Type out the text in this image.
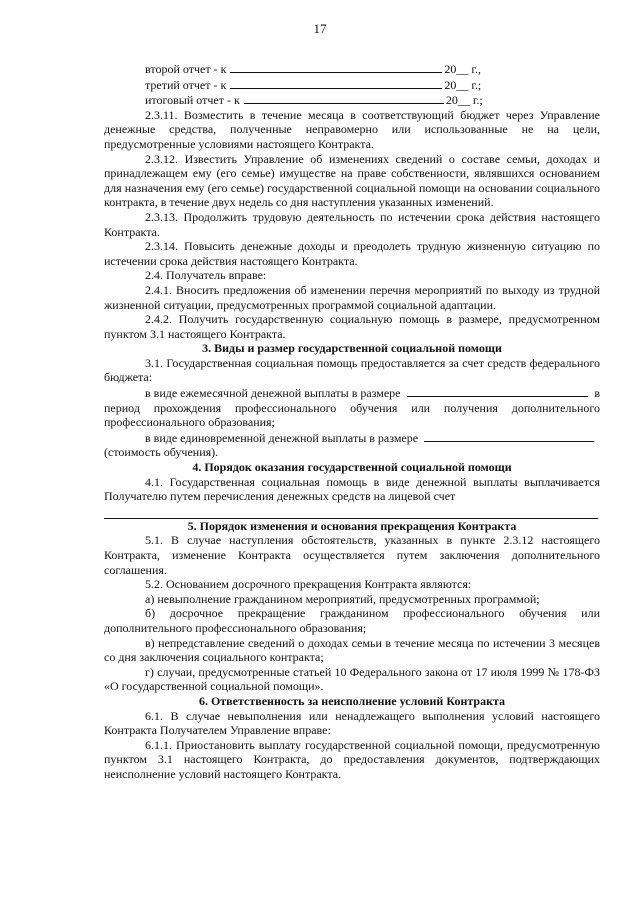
17
второй отчет - к	20__ г.,
третий отчет - к	20__ г.;
итоговый отчет - к	20__ г.;

2.3.11. Возместить в течение месяца в соответствующий бюджет через Управление денежные средства, полученные неправомерно или использованные не на цели, предусмотренные условиями настоящего Контракта.

2.3.12. Известить Управление об изменениях сведений о составе семьи, доходах и принадлежащем ему (его семье) имуществе на праве собственности, являвшихся основанием для назначения ему (его семье) государственной социальной помощи на основании социального контракта, в течение двух недель со дня наступления указанных изменений.

2.3.13. Продолжить трудовую деятельность по истечении срока действия настоящего Контракта.

2.3.14. Повысить денежные доходы и преодолеть трудную жизненную ситуацию по истечении срока действия настоящего Контракта.

2.4. Получатель вправе:

2.4.1. Вносить предложения об изменении перечня мероприятий по выходу из трудной жизненной ситуации, предусмотренных программой социальной адаптации.

2.4.2. Получить государственную социальную помощь в размере, предусмотренном пунктом 3.1 настоящего Контракта.

3. Виды и размер государственной социальной помощи

3.1. Государственная социальная помощь предоставляется за счет средств федерального бюджета:

в виде ежемесячной денежной выплаты в размере	в

период прохождения профессионального обучения или получения дополнительного профессионального образования;

в виде единовременной денежной выплаты в размере

(стоимость обучения).

4. Порядок оказания государственной социальной помощи

4.1. Государственная социальная помощь в виде денежной выплаты выплачивается Получателю путем перечисления денежных средств на лицевой счет

5. Порядок изменения и основания прекращения Контракта

5.1. В случае наступления обстоятельств, указанных в пункте 2.3.12 настоящего Контракта, изменение Контракта осуществляется путем заключения дополнительного соглашения.

5.2. Основанием досрочного прекращения Контракта являются:

а) невыполнение гражданином мероприятий, предусмотренных программой;

б) досрочное прекращение гражданином профессионального обучения или дополнительного профессионального образования;

в) непредставление сведений о доходах семьи в течение месяца по истечении 3 месяцев со дня заключения социального контракта;

г) случаи, предусмотренные статьей 10 Федерального закона от 17 июля 1999 № 178-ФЗ «О государственной социальной помощи».

6. Ответственность за неисполнение условий Контракта

6.1. В случае невыполнения или ненадлежащего выполнения условий настоящего Контракта Получателем Управление вправе:

6.1.1. Приостановить выплату государственной социальной помощи, предусмотренную пунктом 3.1 настоящего Контракта, до предоставления документов, подтверждающих неисполнение условий настоящего Контракта.
